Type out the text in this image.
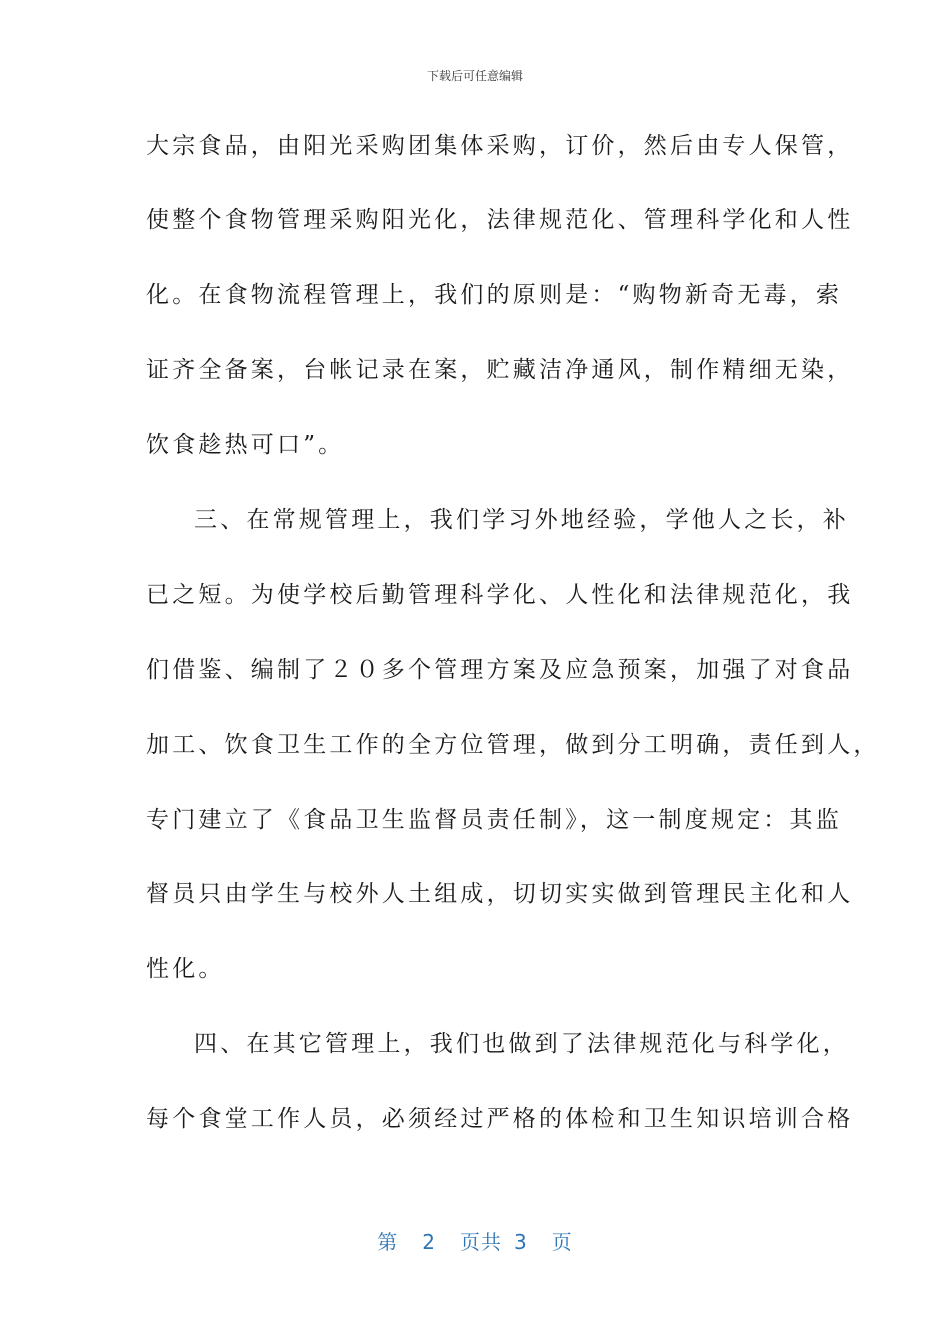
下载后可任意编辑
大宗食品，由阳光采购团集体采购，订价，然后由专人保管，
使整个食物管理采购阳光化，法律规范化、管理科学化和人性
化。在食物流程管理上，我们的原则是：“购物新奇无毒，索
证齐全备案，台帐记录在案，贮藏洁净通风，制作精细无染，
饮食趁热可口”。
三、在常规管理上，我们学习外地经验，学他人之长，补
已之短。为使学校后勤管理科学化、人性化和法律规范化，我
们借鉴、编制了２０多个管理方案及应急预案，加强了对食品
加工、饮食卫生工作的全方位管理，做到分工明确，责任到人，
专门建立了《食品卫生监督员责任制》，这一制度规定：其监
督员只由学生与校外人土组成，切切实实做到管理民主化和人
性化。
四、在其它管理上，我们也做到了法律规范化与科学化，
每个食堂工作人员，必须经过严格的体检和卫生知识培训合格
第 2 页共 3 页
